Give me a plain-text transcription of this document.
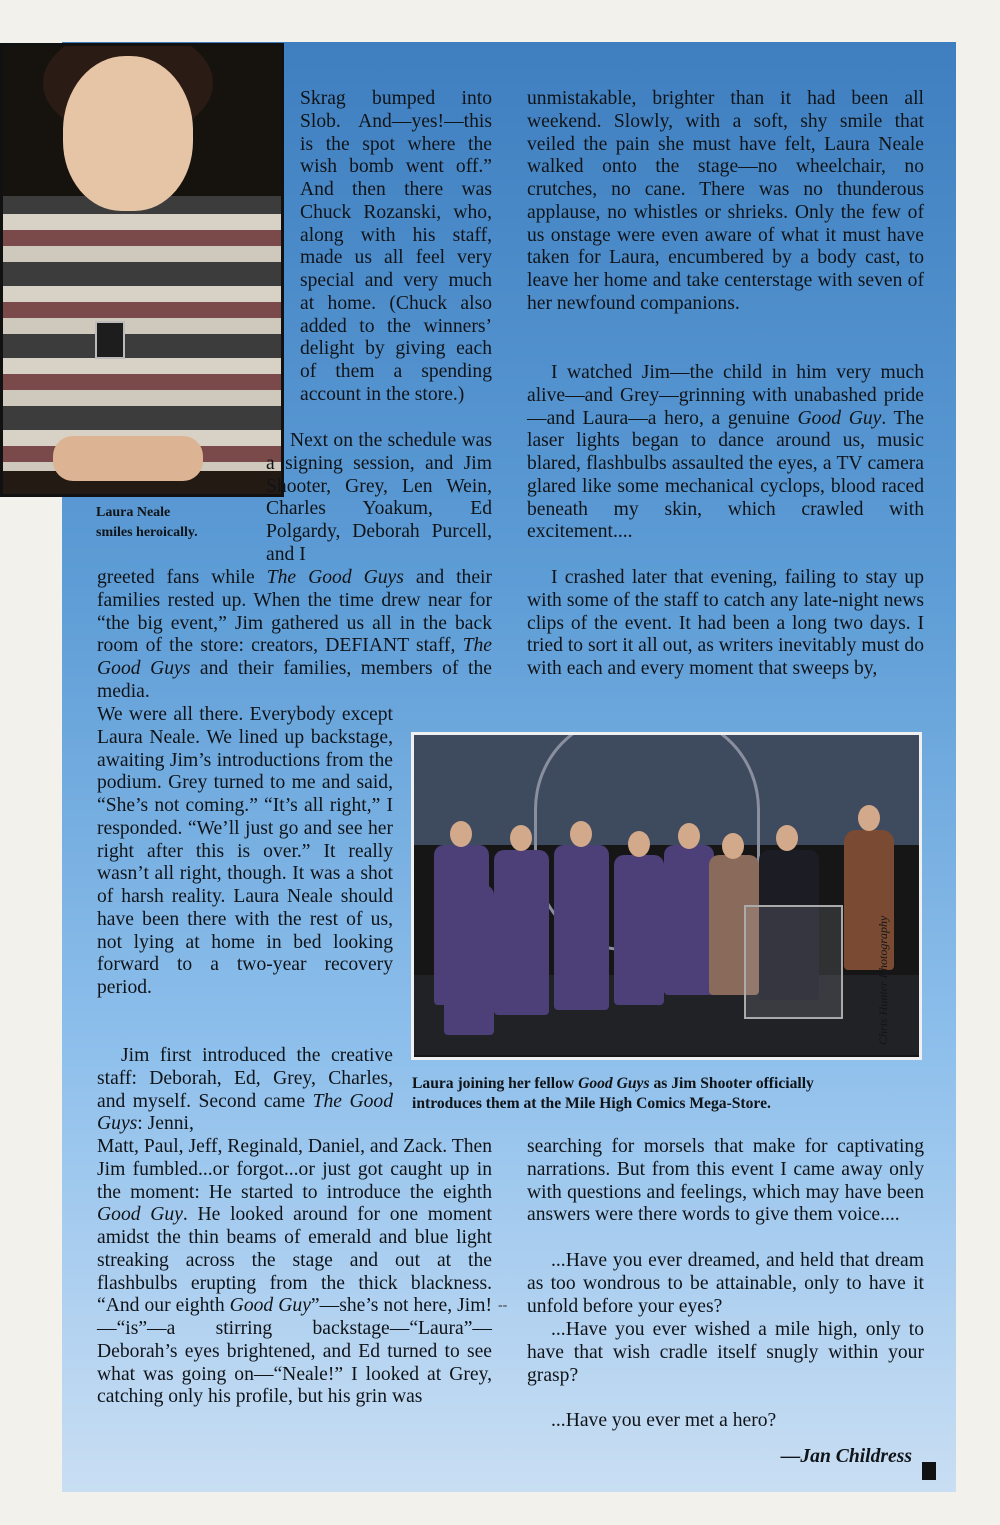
Laura Neale
smiles heroically.

Skrag bumped into Slob. And—yes!—this is the spot where the wish bomb went off.” And then there was Chuck Rozanski, who, along with his staff, made us all feel very special and very much at home. (Chuck also added to the winners’ delight by giving each of them a spending account in the store.)

Next on the schedule was a signing session, and Jim Shooter, Grey, Len Wein, Charles Yoakum, Ed Polgardy, Deborah Purcell, and I

greeted fans while The Good Guys and their families rested up. When the time drew near for “the big event,” Jim gathered us all in the back room of the store: creators, DEFIANT staff, The Good Guys and their families, members of the media.

We were all there. Everybody except Laura Neale. We lined up backstage, awaiting Jim’s introductions from the podium. Grey turned to me and said, “She’s not coming.” “It’s all right,” I responded. “We’ll just go and see her right after this is over.” It really wasn’t all right, though. It was a shot of harsh reality. Laura Neale should have been there with the rest of us, not lying at home in bed looking forward to a two-year recovery period.

Jim first introduced the creative staff: Deborah, Ed, Grey, Charles, and myself. Second came The Good Guys: Jenni,

Matt, Paul, Jeff, Reginald, Daniel, and Zack. Then Jim fumbled...or forgot...or just got caught up in the moment: He started to introduce the eighth Good Guy. He looked around for one moment amidst the thin beams of emerald and blue light streaking across the stage and out at the flashbulbs erupting from the thick blackness. “And our eighth Good Guy”—she’s not here, Jim!—“is”—a stirring backstage—“Laura”—Deborah’s eyes brightened, and Ed turned to see what was going on—“Neale!” I looked at Grey, catching only his profile, but his grin was

unmistakable, brighter than it had been all weekend. Slowly, with a soft, shy smile that veiled the pain she must have felt, Laura Neale walked onto the stage—no wheelchair, no crutches, no cane. There was no thunderous applause, no whistles or shrieks. Only the few of us onstage were even aware of what it must have taken for Laura, encumbered by a body cast, to leave her home and take centerstage with seven of her newfound companions.

I watched Jim—the child in him very much alive—and Grey—grinning with unabashed pride—and Laura—a hero, a genuine Good Guy. The laser lights began to dance around us, music blared, flashbulbs assaulted the eyes, a TV camera glared like some mechanical cyclops, blood raced beneath my skin, which crawled with excitement....

I crashed later that evening, failing to stay up with some of the staff to catch any late-night news clips of the event. It had been a long two days. I tried to sort it all out, as writers inevitably must do with each and every moment that sweeps by,

Chris Hunter Photography

Laura joining her fellow Good Guys as Jim Shooter officially
introduces them at the Mile High Comics Mega-Store.

searching for morsels that make for captivating narrations. But from this event I came away only with questions and feelings, which may have been answers were there words to give them voice....

...Have you ever dreamed, and held that dream as too wondrous to be attainable, only to have it unfold before your eyes?

...Have you ever wished a mile high, only to have that wish cradle itself snugly within your grasp?

...Have you ever met a hero?

--

—Jan Childress
